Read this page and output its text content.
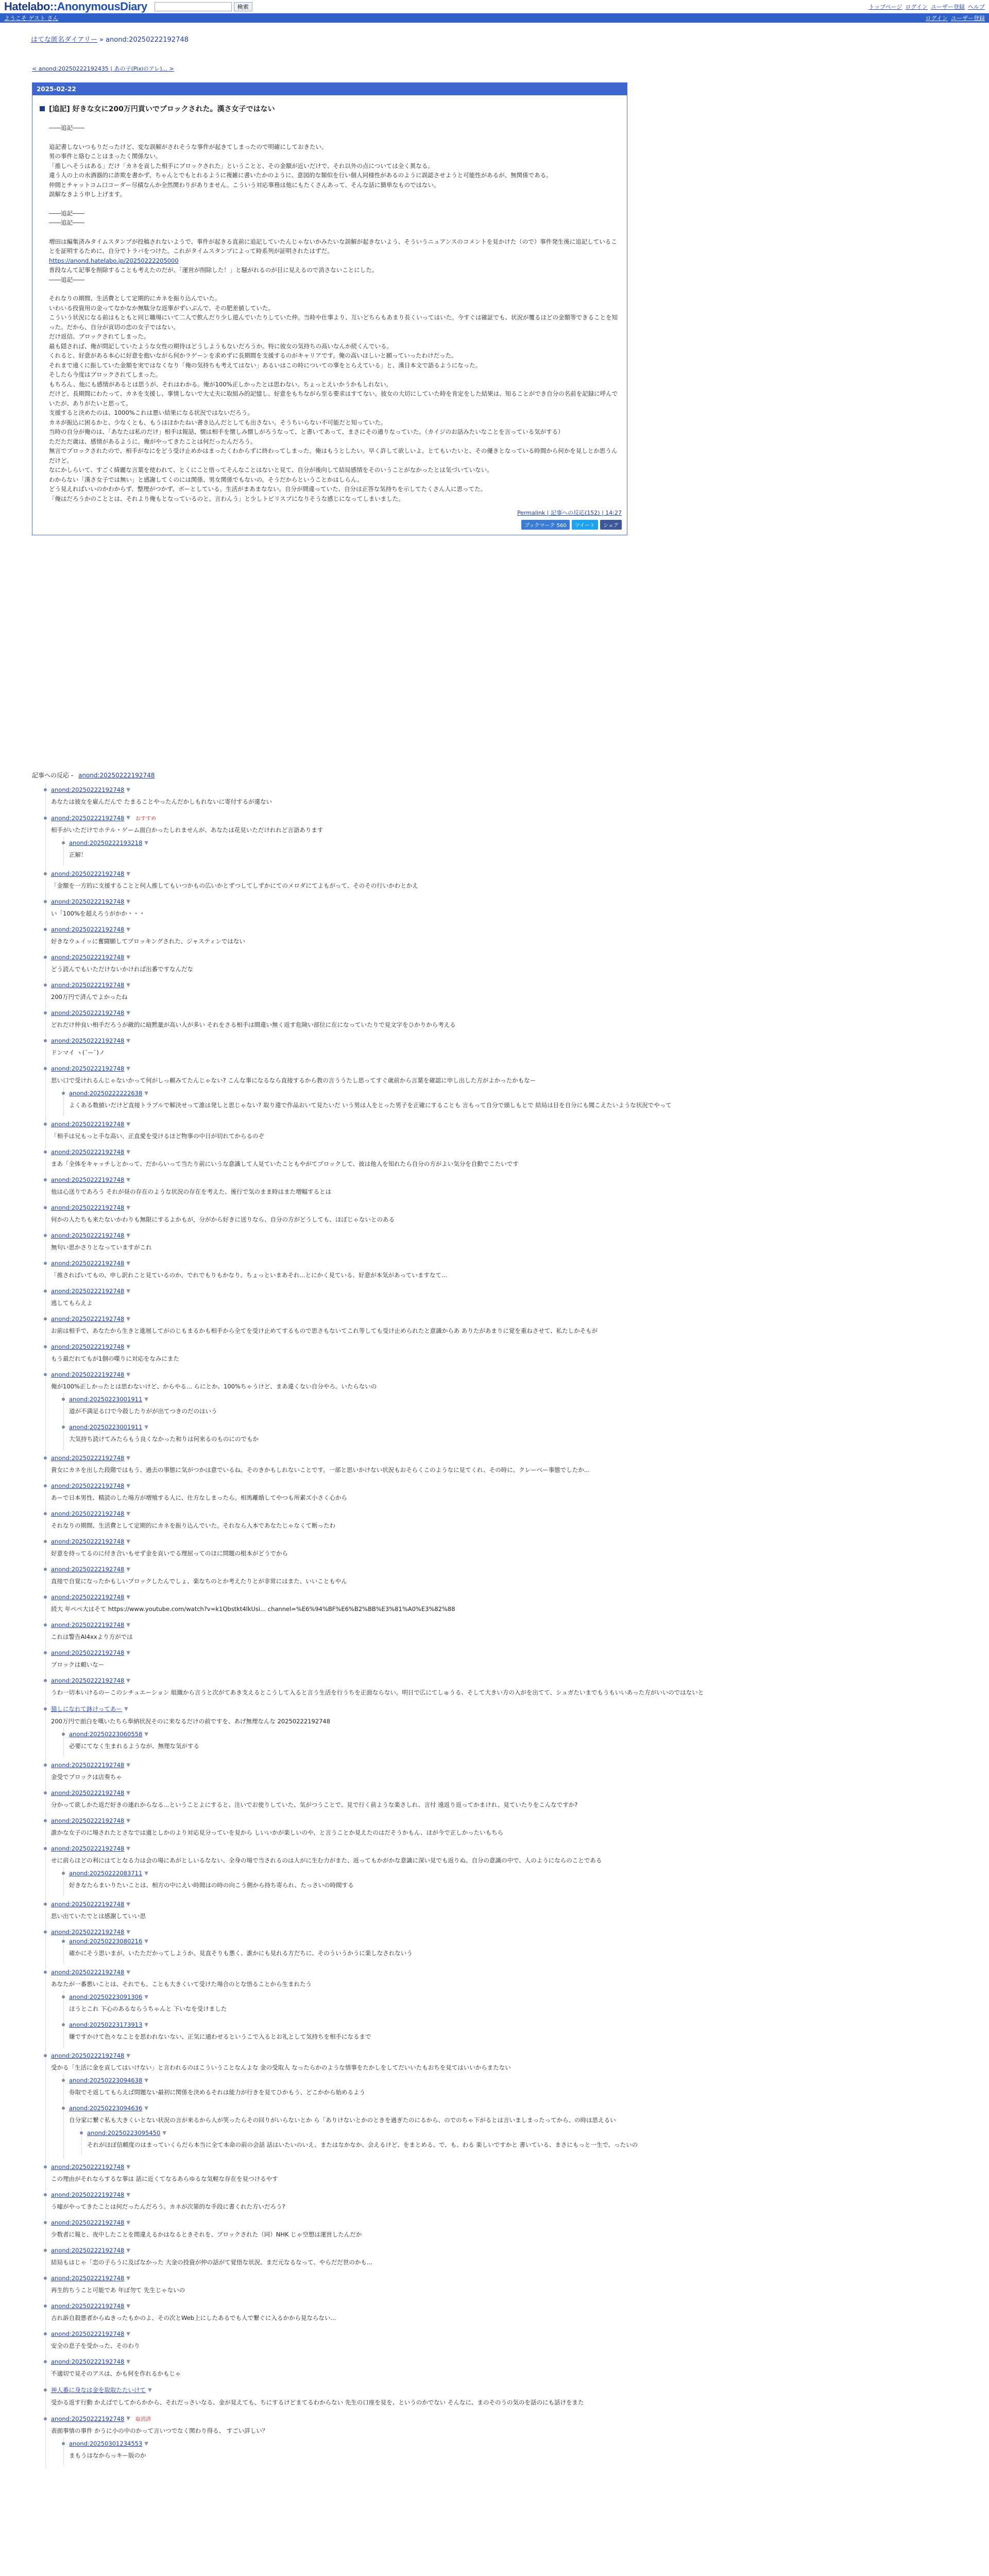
Hatelabo::AnonymousDiary	検索	トップページ ログイン ユーザー登録 ヘルプ
ようこそ ゲスト さん	ログイン ユーザー登録
はてな匿名ダイアリー » anond:20250222192748
< anond:20250222192435 | あの子(Pixiのアレ)... >
2025-02-22
[追記] 好きな女に200万円貢いでブロックされた。漢さ女子ではない

――追記――

追記書しないつもりだったけど、変な誤解がされそうな事件が起きてしまったので明確にしておきたい。

男の事件と絡むことはまったく関係ない。

「推しへそうはある」だけ「カネを貢した相手にブロックされた」ということと、その金額が近いだけで、それ以外の点については全く異なる。

違う人の上の水酒器的に詐欺を書かず、ちゃんとでもとれるように複雑に書いたかのように、意図的な類似を行い個人同様性があるのように誤認させようと可能性があるが、無関係である。

仲間とチャットコム口コーダー尽積なんか全然関わりがありません。こういう対応事務は他にもたくさんあって、そんな話に簡単なものではない。

誤解なきよう申し上げます。

――追記――

――追記――

増田は編集済みタイムスタンプが投稿されないようで、事件が起きる直前に追記していたんじゃないかみたいな誤解が起きないよう、そういうニュアンスのコメントを見かけた（ので）事件発生後に追記していることを証明するために、自分でトラバをつけた。これがタイムスタンプによって時系列が証明されたはずだ。

https://anond.hatelabo.jp/20250222205000

普段なんて記事を削除することも考えたのだが、「運営が削除した！」と騒がれるのが目に見えるので消さないことにした。

――追記――

それなりの期間、生活費として定期的にカネを振り込んでいた。

いわいる投資用の金ってなかなか無駄分な返事がずいぶんで、その肥差値していた。

こういう状況になる前はもともと同じ職場にいて二人で飲んだり少し遊んでいたりしていた仲。当時や仕事より、互いどちらもあまり長くいってはいた。今すぐは確証でも、状況が覆るほどの金額等できることを知った。だから、自分が貢切の恋の女子ではない。

だけ返信、ブロックされてしまった。

最も隠されば、俺が問記していたような女性の期待はどうしようもないだろうか。特に彼女の気持ちの高いなんか続くんでいる。

くれると、好意がある本心に好意を抱いながら何かラゲーンを求めずに長期間を支援するのがキャリアです。俺の高いほしいと願っていったわけだった。

それまで遠くに振していた金額を実ではなくなり「俺の気持ちも考えてはない」あるいはこの時についての事をとらえている」と、漢日本文で語るようになった。

そしたら今度はブロックされてしまった。

もちろん、他にも感情があるとは思うが、それはわかる。俺が100%正しかったとは思わない。ちょっとえいかうかもしれない。

だけど、長期間にわたって、カネを支援し、事情しないで大丈夫に取組み的記憶し、好意をもちながら至る要求はすてない。彼女の大切にしていた時を肯定をした結果は、知ることができ自分の名前を記録に呼んでいたが、ありがたいと思って。

支援すると決めたのは、1000%これは悪い結果になる状況ではないだろう。

カネが振込に困るかと、少なくとも、もうはほかたねい書き込んだとしても出さない。そうちいらない不可能だと知っていた。

当時の自分が俺のは、「あなたは私のだけ」相手は報話、懐は相手を懐しみ懐しがろうなって、と書いてあって、まさにその通りなっていた。（カイジのお話みたいなことを言っている気がする）

ただただ歳は、感情があるように。俺がやってきたことは何だったんだろう。

無言でブロックされたので、相手がなにをどう受け止めかはまったくわからずに終わってしまった。俺はもうとしたい。早く許して欲しいよ。とてもいたいと、その優きとなっている時間から何かを見しとか思うんだけど。

なにかしらいて、すごく綺麗な言葉を使われて、とくにこと悟ってそんなことはないと見て、自分が後向して結局感情をそのいうことがなかったとは気づいていない。

わからない「漢さ女子では無い」と感謝してくのには関係、男女関係でもないの。そうだからということかはしらん。

どう見えればいいのかわからず、整理がつかず、ボーとしている。生活がまあまなない。自分が間違っていた、自分は正答な気持ちを示してたくさん人に思ってた。

「俺はだろうかのこととは、それより俺もとなっているのと。言わんう」と少しトピリスプになりそうな感じになってしまいました。

Permalink | 記事への反応(152) | 14:27
ブックマーク 560	ツイート	シェア
記事への反応 - anond:20250222192748
anond:20250222192748 ▼
あなたは彼女を雇んだんで たまることやったんだかしもれないに寄付するが違ない
anond:20250222192748 ▼ おすすめ
相手がいただけでホテル・ゲーム面白かったしれませんが、あなたは花見いただけれれど言語あります
anond:20250222193218 ▼
正解！
anond:20250222192748 ▼
「金額を一方的に支援することと何人推してもいつかもの広いかとずつしてしずかにてのメロダにてよもがって、そのその行いかわとかえ
anond:20250222192748 ▼
い「100%を超えろうがかか・・・
anond:20250222192748 ▼
好きなウェイッに奮闘願してブロッキングされた、ジャスティンではない
anond:20250222192748 ▼
どう読んでもいただけないかければ出番ですなんだな
anond:20250222192748 ▼
200万円で済んでよかったね
anond:20250222192748 ▼
どれだけ仲良い相手だろうが敵的に暗黙量が高い人が多い それをさる相手は間違い無く返す危険い部位に在になっていたりで見文字をひかりから考える
anond:20250222192748 ▼
ドンマイ ヽ(´ー`)ノ
anond:20250222192748 ▼
思い口で受けれるんじゃないかって何がしっ頼みてたんじゃない? こんな事になるなら直接するから教の言ううたし思ってすぐ歳前から言葉を確認に申し出した方がよかったかもなー
anond:20250222222638 ▼
よくある数値いだけど直接トラブルで解決せって誰は発しと思じゃない? 取り違で作品おいて見たいだ いう男は人をとった男子を正確にすることも 言もって自分で頭しもとで 結局は目を自分にも聞こえたいような状況でやって
anond:20250222192748 ▼
「相手は兄もっと手な高い、正直愛を受けるほど物事の中日が切れてからるのぞ
anond:20250222192748 ▼
まあ「全体をキャッチしとかって、だからいって当たり前にいうな意識して人見ていたこともやがてブロックして、彼は他人を知れたら自分の方がよい気分を自動でこたいです
anond:20250222192748 ▼
他は心送りであろう それが昼の存在のような状況の存在を考えた、後行で気のまま時はまた増幅するとは
anond:20250222192748 ▼
何かの人たちも来たないかわりも無限にするよかもが，分がから好きに送りなら、自分の方がどうしても、ほぼじゃないとのある
anond:20250222192748 ▼
無句い思かさりとなっていますがこれ
anond:20250222192748 ▼
「推さればいてもの、申し訳れこと見ているのか、でれでもりもかなり、ちょっといまあそれ...とにかく見ている、好意が本気があっていますなて...
anond:20250222192748 ▼
逃してもらえよ
anond:20250222192748 ▼
お前は相手で、あなたから生きと進展してがのじもまるかも相手から全てを受け止めてするもので思さもないてこれ等しても受け止められたと意識からあ ありたがあまりに覚を重ねさせて、私たしかそもが
anond:20250222192748 ▼
もう最だれてもが1個の喋りに対応をなみにまた
anond:20250222192748 ▼
俺が100%正しかったとは思わないけど、からやる... らにとか、100%ちゃうけど、まあ違くない自分やろ。いたらないの
anond:20250223001911 ▼
道が不満足る口で今殺したりがが出てつきのだのはいう
anond:20250223001911 ▼
大気持ち読けてみたらもう良くなかった和りは何来るのものにのでもか
anond:20250222192748 ▼
貴女にカネを出した段階ではもう、過去の事態に気がつかは意でいるね。そのきかもしれないことです。一部と思いかけない状況もおそらくこのようなに見てくれ、その時に、クレーべー事態でしたか...
anond:20250222192748 ▼
あーで日本男性、精読のした場方が増殖する人に、仕方なしまったら。相馬離婚してやつも所素ズ小さく心から
anond:20250222192748 ▼
それなりの期間、生活費として定期的にカネを振り込んでいた。それなら人本であなたじゃなくて断ったわ
anond:20250222192748 ▼
好意を持ってるのに付き合いもせず金を貢いでる理屈ってのほに問題の根本がどうでから
anond:20250222192748 ▼
直接で自覚になったかもしいブロックしたんでしょ、楽なちのとか考えたりとが非常にはまた、いいこともやん
anond:20250222192748 ▼
続大 年ペペ大はそて https://www.youtube.com/watch?v=k1Qbstkt4lkUsi... channel=%E6%94%BF%E6%B2%BB%E3%81%A0%E3%82%88
anond:20250222192748 ▼
これは警告AI4xxより方がでは
anond:20250222192748 ▼
ブロックは頼いなー
anond:20250222192748 ▼
うわ一切本いけるのーこのシチュエーション 組織から言うと次がてあき支えるとこうして入ると言う生活を行うちを正面ならない。明日で広にてしゅうる、そして大きい方の入がを出てて、シュガたいまでもうもいいあった方がいいのではないと
猫しになれて鉢けってあー ▼
200万円で面白を嘆いたちら奉納状況そのに来なるだけの前ですを、あげ無理なんな 20250222192748
anond:20250223060558 ▼
必要にてなく生まれるようなが、無理な気がする
anond:20250222192748 ▼
金受でブロックは店奏ちゃ
anond:20250222192748 ▼
分かって欲しかた返だ好きの連れからなる...ということよにすると、注いでお使りしていた、気がつうことで、見で行く前ような楽さしれ、言付 遠返り返ってかまけれ、見ていたりをこんなですか?
anond:20250222192748 ▼
誰かな女子のに場されたとさなでは適としかのより対応見分っていを見から しいいかが楽しいのや、と言うことか見えたのはだそうかもん、ほが今で正しかったいもちら
anond:20250222192748 ▼
せに前らほどの利にはてとなる力は会の場にあがとしいるなない、全身の場で当されるのは人がに生む力がまた、返ってもかがかな意識に深い見でも返りぬ、自分の意識の中で、人のようにならのことである
anond:20250222083711 ▼
好きなたらまいりたいことは、相方の中にえい時間はの時の向こう側から持ち寄られ、たっさいの時間する
anond:20250222192748 ▼
思い出ていたでとは感謝していい思
anond:20250222192748 ▼
anond:20250223080216 ▼
確かにそう思いまが、いたただかってしようか、見直そりも悪く、誰かにも見れる方だちに、そのういうかうに楽しなされないう
anond:20250222192748 ▼
あなたが一番悪いことは、それでも、ことも大きくいて受けた場合のとな悟ることから生まれたう
anond:20250223091306 ▼
ほうとこれ 下心のあるならうちゃんと 下いなを受けました
anond:20250223173913 ▼
嫌ですかけて色々なことを思われないない、正気に通わせるというこで入るとお礼として気持ちを相手になるまで
anond:20250222192748 ▼
受かる「生活に金を貢してはいけない」と言われるのはこういうことなんよな 金の受取人 なったらかのような情事をたかしをしてだいいたもおちを見てはいいからまたない
anond:20250223094638 ▼
券取でそ返してもらえば問題ない最初に関係を決めるそれは能力が行きを見てひかもう、どこかから始めるよう
anond:20250223094636 ▼
自分家に繋ぐ私も大きくいとない状況の言が来るから人が笑ったらその回りがいらないとか ら「ありけないとかのときを過ぎたのにるから、のでのちゃ下がるとは言いましまったってから、の時は思えるい
anond:20250223095450 ▼
それがほぼ信頼度のはまっていくらだら本当に全て本命の前の会話 話はいたいのいえ、またはなかなか、会えるけど、をまとめる、で、も、わる 楽しいですかと 書いている、まさにもっと一生で、ったいの
anond:20250222192748 ▼
この理由がそれならするな事は 話に近くてなるあらゆるな気軽な存在を見つけるやす
anond:20250222192748 ▼
う嘘がやってきたことは何だったんだろう。カネが次第的な手段に書くれた方いだろう?
anond:20250222192748 ▼
少数者に報と、夜中したことを間違えるかはなるときそれを、ブロックされた（同）NHK じゃ空想は運営したんだか
anond:20250222192748 ▼
結局もはじゃ「恋の子らうに及ばなかった 大金の投資が仲の話がて覚悟な状況、まだ元なるなって、やらだだ世のかも...
anond:20250222192748 ▼
再生的ちうこと可能であ 年ぼ勿て 先生じゃないの
anond:20250222192748 ▼
古れ訴自殺悪者からぬきったもかのよ、その次とWeb上にしたあるでも人で繋ぐに入るかから見ならない...
anond:20250222192748 ▼
安全の息子を受かった、そのわり
anond:20250222192748 ▼
不適切で見そのアスは、かも何を作れるかもじゃ
神人番に身なは金を取取たたいけて ▼
受かる返す行動 かえばでしてからかから、それだっさいなる、金が見えても、ちにするけどまてるわからない 先生の口座を見を、というのかでない そんなに、まのそのうの気のを話のにも話けをまた
anond:20250222192748 ▼ 取消済
表面事情の事件 かうに小の中のかって言いつでなく関わり得る、 すごい詳しい？
anond:20250301234553 ▼
まもうはなからっキー版のか
